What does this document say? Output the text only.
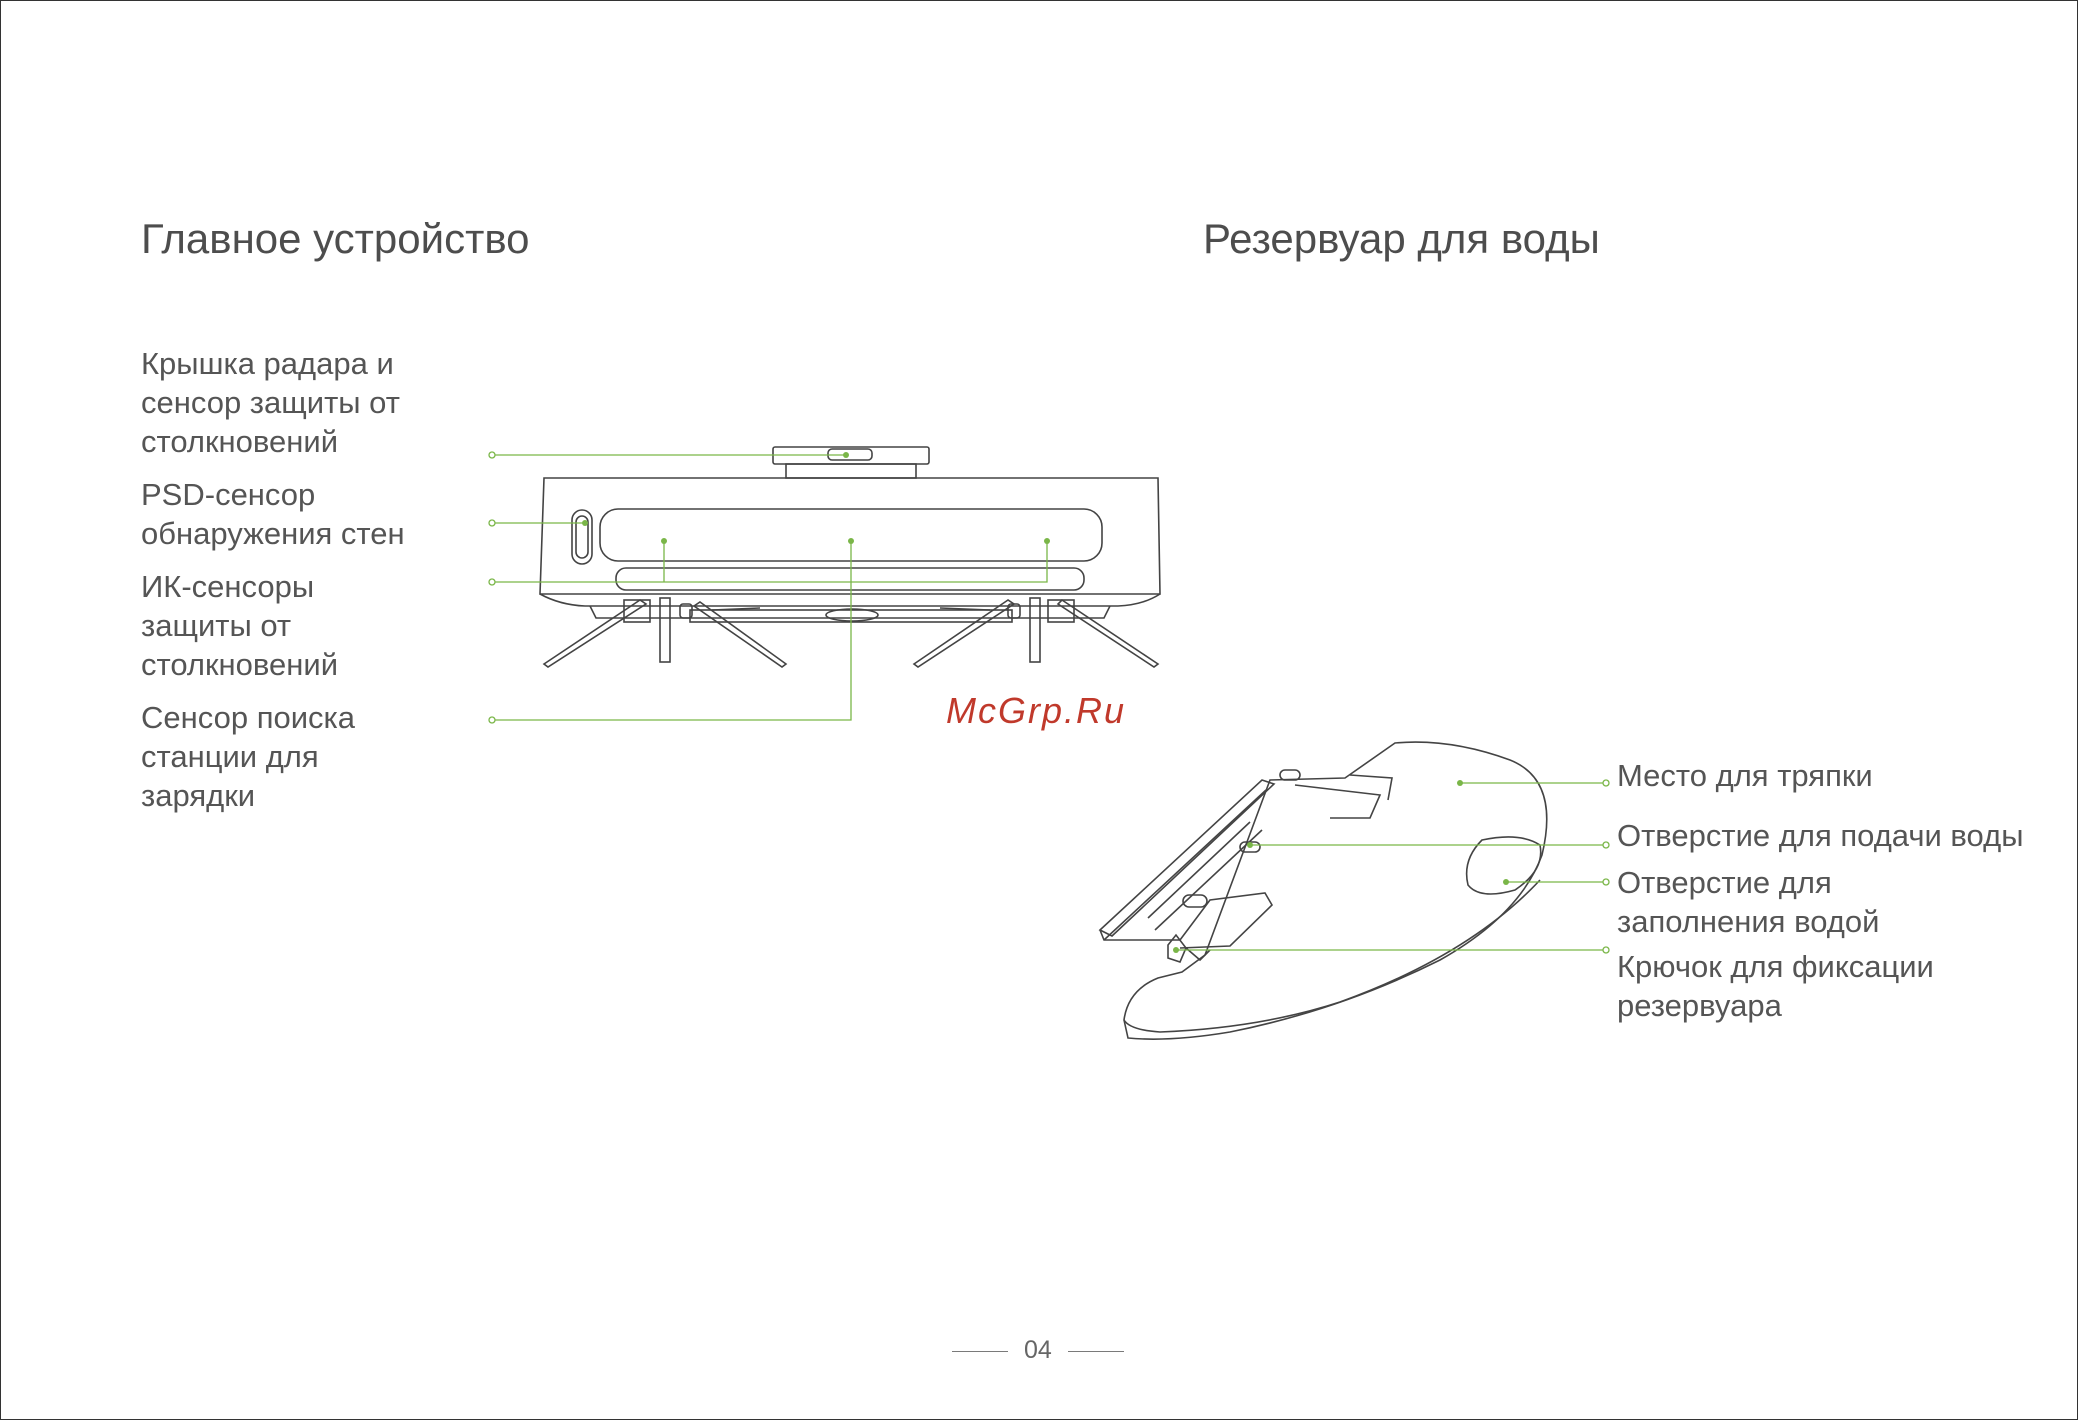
Главное устройство	Резервуар для воды
Крышка радара и
сенсор защиты от
столкновений
PSD-сенсор
обнаружения стен
ИК-сенсоры
защиты от
столкновений
Сенсор поиска
станции для
зарядки
Место для тряпки
Отверстие для подачи воды
Отверстие для
заполнения водой
Крючок для фиксации
резервуара
McGrp.Ru
04
